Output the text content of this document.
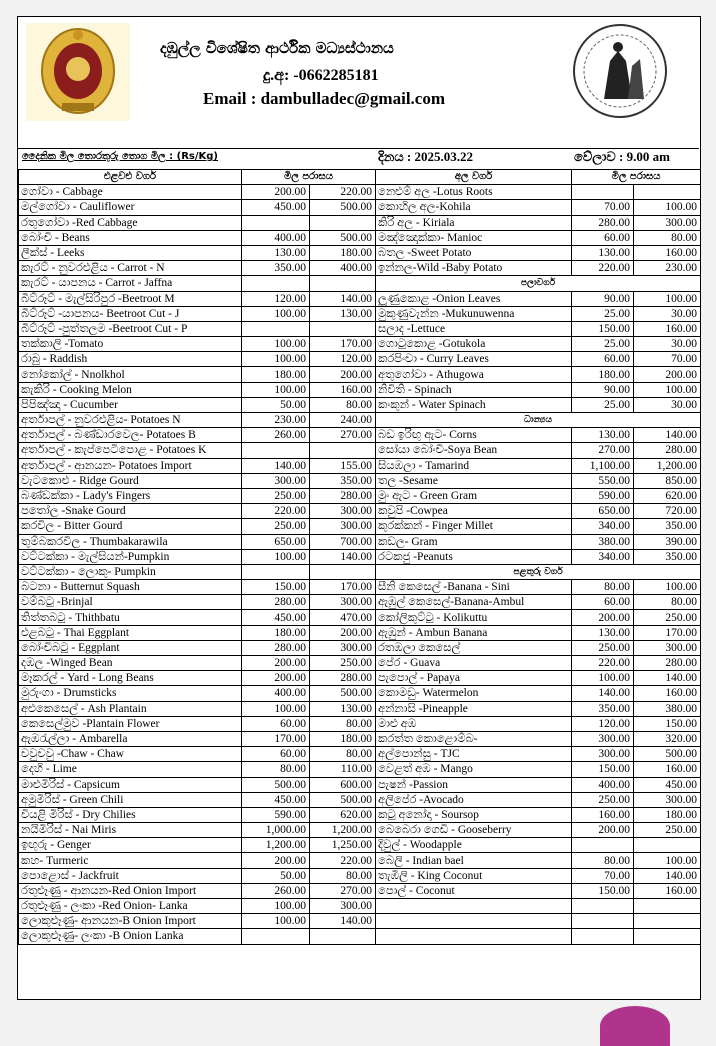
දඹුල්ල විශේෂිත ආර්ථික මධ්‍යස්ථානය
දු.අ: -0662285181
Email : dambulladec@gmail.com
දෛනික මිල තොරතුරු තොග මිල : (Rs/Kg)	දිනය : 2025.03.22	වේලාව : 9.00 am
එළවළු වර්ග	මිල පරාසය		අල වර්ග	මිල පරාසය	
ගෝවා - Cabbage	200.00	220.00	නෙළුම් අල -Lotus Roots		
මල්ගෝවා - Cauliflower	450.00	500.00	කොහිල අල-Kohila	70.00	100.00
රතුගෝවා -Red Cabbage			කිරි අල - Kiriala	280.00	300.00
බෝංචි - Beans	400.00	500.00	මඤ්ඤොක්කා- Manioc	60.00	80.00
ලීක්ස් - Leeks	130.00	180.00	බතල -Sweet Potato	130.00	160.00
කැරට් - නුවරඑළිය - Carrot - N	350.00	400.00	ඉන්නල-Wild -Baby Potato	220.00	230.00
කැරට් - යාපනය - Carrot - Jaffna			පලාවර්ග		
බීට්රූට් - මැල්සිරිපුර -Beetroot M	120.00	140.00	ලූණුකොළ -Onion Leaves	90.00	100.00
බීට්රූට් -යාපනය- Beetroot Cut - J	100.00	130.00	මුකුණුවැන්න -Mukunuwenna	25.00	30.00
බීට්රූට් -පුත්තලම -Beetroot Cut - P			සලාද -Lettuce	150.00	160.00
තක්කාලි -Tomato	100.00	170.00	ගොටුකොළ -Gotukola	25.00	30.00
රාබු - Raddish	100.00	120.00	කරපිංචා - Curry Leaves	60.00	70.00
නෝකෝල් - Nnolkhol	180.00	200.00	අතුගෝවා - Athugowa	180.00	200.00
කැකිරි - Cooking Melon	100.00	160.00	නිවිති - Spinach	90.00	100.00
පිපිඤ්ඤා - Cucumber	50.00	80.00	කංකුන් - Water Spinach	25.00	30.00
අර්තාපල් - නුවරඑළිය- Potatoes N	230.00	240.00	ධාන්‍යය		
අර්තාපල් - බණ්ඩාරවෙල- Potatoes B	260.00	270.00	බඩ ඉරිඟු ඇට- Corns	130.00	140.00
අර්තාපල් - කැප්පෙටිපොළ - Potatoes K			සෝයා බෝංචි-Soya Bean	270.00	280.00
අර්තාපල් - ආනයන- Potatoes Import	140.00	155.00	සියඹලා - Tamarind	1,100.00	1,200.00
වැටකොළු - Ridge Gourd	300.00	350.00	තල -Sesame	550.00	850.00
බණ්ඩක්කා - Lady's Fingers	250.00	280.00	මුං ඇට - Green Gram	590.00	620.00
පතෝල -Snake Gourd	220.00	300.00	කවුපි -Cowpea	650.00	720.00
කරවිල - Bitter Gourd	250.00	300.00	කුරක්කන් - Finger Millet	340.00	350.00
තුම්බකරවිල - Thumbakarawila	650.00	700.00	කඩල- Gram	380.00	390.00
වට්ටක්කා - මැල්සියන්-Pumpkin	100.00	140.00	රටකජු -Peanuts	340.00	350.00
වට්ටක්කා - ලොකු- Pumpkin			පළතුරු වර්ග		
බටනා - Butternut Squash	150.00	170.00	සීනි කෙසෙල් -Banana - Sini	80.00	100.00
වම්බටු -Brinjal	280.00	300.00	ඇඹුල් කෙසෙල්-Banana-Ambul	60.00	80.00
තිත්තබටු - Thithbatu	450.00	470.00	කෝලිකුට්ටු - Kolikuttu	200.00	250.00
එළබටු - Thai Eggplant	180.00	200.00	ඇඹුන් - Ambun Banana	130.00	170.00
බෝංචිබටු - Eggplant	280.00	300.00	රතඹලා කෙසෙල්	250.00	300.00
දඹල -Winged Bean	200.00	250.00	පේර - Guava	220.00	280.00
මෑකරල් - Yard - Long Beans	200.00	280.00	පැපොල් - Papaya	100.00	140.00
මුරුංගා - Drumsticks	400.00	500.00	කොමඩු- Watermelon	140.00	160.00
අළුකෙසෙල් - Ash Plantain	100.00	130.00	අන්නාසි -Pineapple	350.00	380.00
කෙසෙල්මුව -Plantain Flower	60.00	80.00	මාළු අඹ	120.00	150.00
ඇඹරැල්ලා - Ambarella	170.00	180.00	කරත්ත කොළොම්බ-	300.00	320.00
චවුචවු -Chaw - Chaw	60.00	80.00	අල්පොන්සු - TJC	300.00	500.00
දෙහි - Lime	80.00	110.00	වෙළත් අඹ - Mango	150.00	160.00
මාළුමිරිස් - Capsicum	500.00	600.00	පැෂන් -Passion	400.00	450.00
අමුමිරිස් - Green Chili	450.00	500.00	අලිපේර -Avocado	250.00	300.00
වියළි මිරිස් - Dry Chilies	590.00	620.00	කටු අනෝදා - Soursop	160.00	180.00
නයිමිරිස් - Nai Miris	1,000.00	1,200.00	බෙබෙරා ගෙඩි - Gooseberry	200.00	250.00
ඉඟුරු - Genger	1,200.00	1,250.00	දිවුල් - Woodapple		
කහ- Turmeric	200.00	220.00	බෙලි - Indian bael	80.00	100.00
පොළොස් - Jackfruit	50.00	80.00	තැඹිලි - King Coconut	70.00	140.00
රතුළූණු - ආනයන-Red Onion Import	260.00	270.00	පොල් - Coconut	150.00	160.00
රතුළූණු - ලංකා -Red Onion- Lanka	100.00	300.00			
ලොකුළූණු- ආනයන-B Onion Import	100.00	140.00			
ලොකුළූණු- ලංකා -B Onion Lanka					
